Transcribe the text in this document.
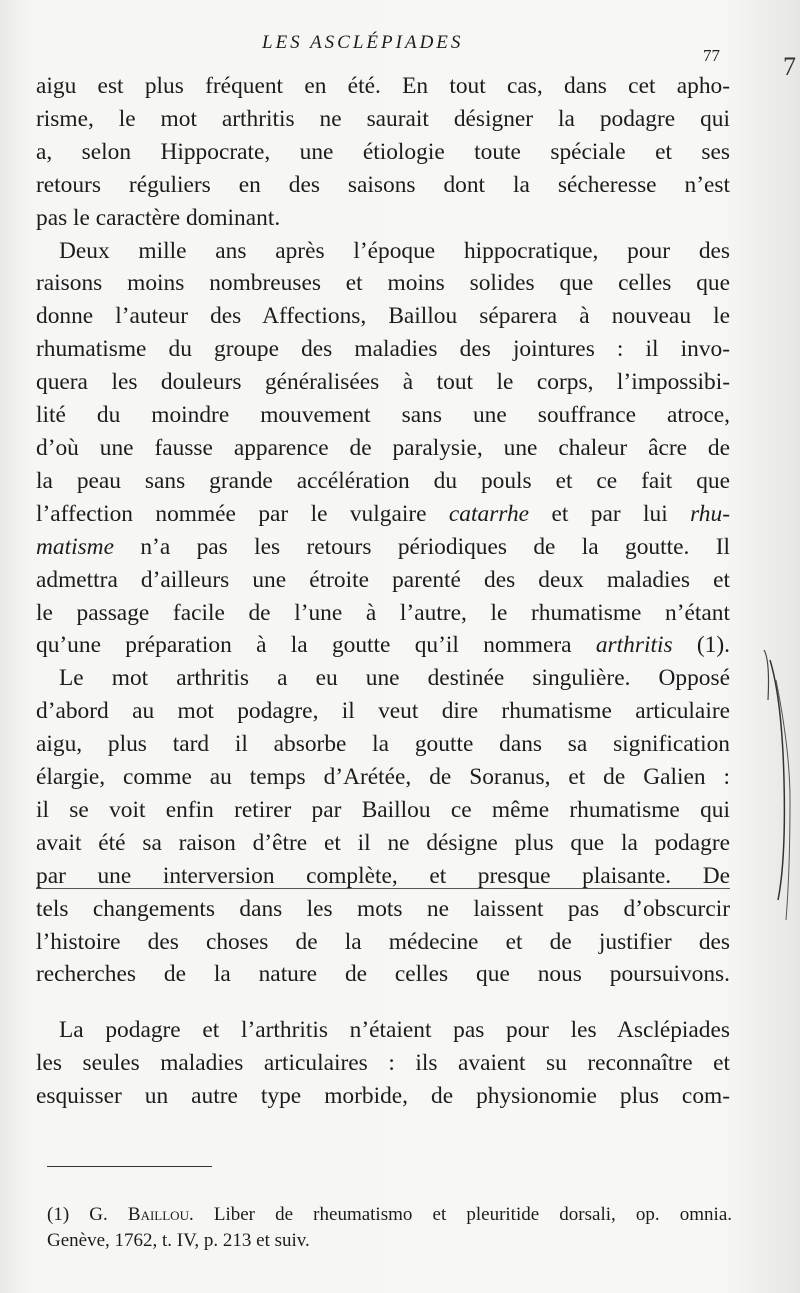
LES ASCLÉPIADES
77 7
aigu est plus fréquent en été. En tout cas, dans cet apho-
risme, le mot arthritis ne saurait désigner la podagre qui
a, selon Hippocrate, une étiologie toute spéciale et ses
retours réguliers en des saisons dont la sécheresse n’est
pas le caractère dominant.
Deux mille ans après l’époque hippocratique, pour des
raisons moins nombreuses et moins solides que celles que
donne l’auteur des Affections, Baillou séparera à nouveau le
rhumatisme du groupe des maladies des jointures : il invo-
quera les douleurs généralisées à tout le corps, l’impossibi-
lité du moindre mouvement sans une souffrance atroce,
d’où une fausse apparence de paralysie, une chaleur âcre de
la peau sans grande accélération du pouls et ce fait que
l’affection nommée par le vulgaire catarrhe et par lui rhu-
matisme n’a pas les retours périodiques de la goutte. Il
admettra d’ailleurs une étroite parenté des deux maladies et
le passage facile de l’une à l’autre, le rhumatisme n’étant
qu’une préparation à la goutte qu’il nommera arthritis (1).
Le mot arthritis a eu une destinée singulière. Opposé
d’abord au mot podagre, il veut dire rhumatisme articulaire
aigu, plus tard il absorbe la goutte dans sa signification
élargie, comme au temps d’Arétée, de Soranus, et de Galien :
il se voit enfin retirer par Baillou ce même rhumatisme qui
avait été sa raison d’être et il ne désigne plus que la podagre
par une interversion complète, et presque plaisante. De
tels changements dans les mots ne laissent pas d’obscurcir
l’histoire des choses de la médecine et de justifier des
recherches de la nature de celles que nous poursuivons.
La podagre et l’arthritis n’étaient pas pour les Asclépiades
les seules maladies articulaires : ils avaient su reconnaître et
esquisser un autre type morbide, de physionomie plus com-
(1) G. Baillou. Liber de rheumatismo et pleuritide dorsali, op. omnia.
Genève, 1762, t. IV, p. 213 et suiv.
